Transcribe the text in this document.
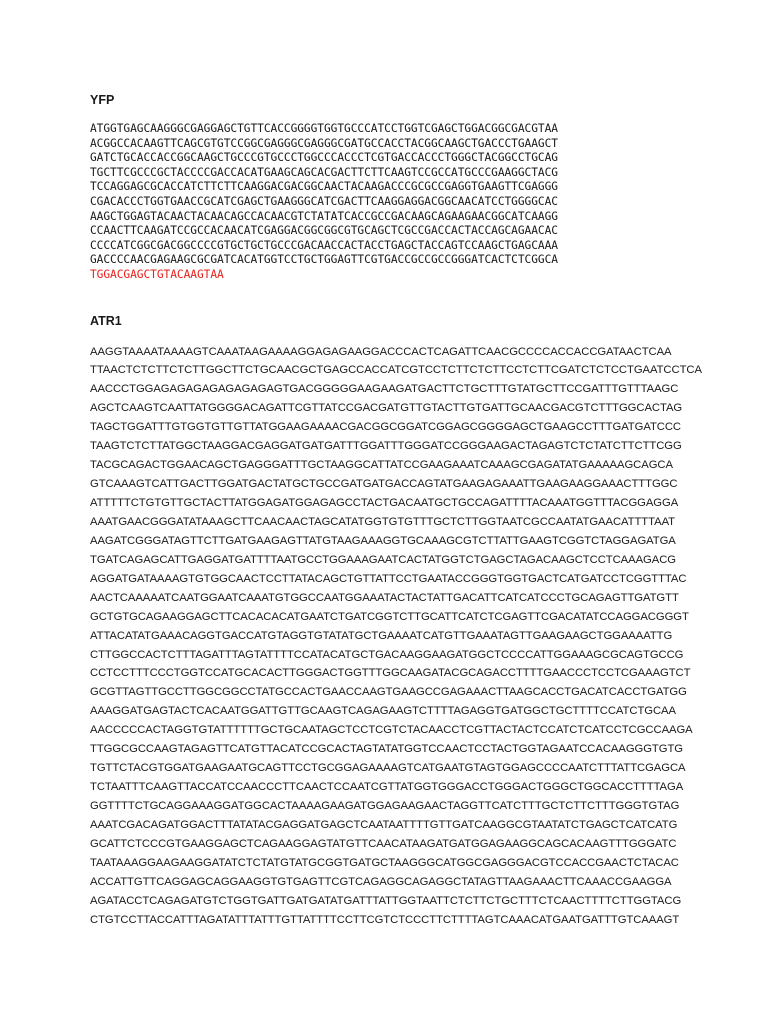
YFP
ATGGTGAGCAAGGGCGAGGAGCTGTTCACCGGGGTGGTGCCCATCCTGGTCGAGCTGGACGGCGACGTAA
ACGGCCACAAGTTCAGCGTGTCCGGCGAGGGCGAGGGCGATGCCACCTACGGCAAGCTGACCCTGAAGCT
GATCTGCACCACCGGCAAGCTGCCCGTGCCCTGGCCCACCCTCGTGACCACCCTGGGCTACGGCCTGCAG
TGCTTCGCCCGCTACCCCGACCACATGAAGCAGCACGACTTCTTCAAGTCCGCCATGCCCGAAGGCTACG
TCCAGGAGCGCACCATCTTCTTCAAGGACGACGGCAACTACAAGACCCGCGCCGAGGTGAAGTTCGAGGG
CGACACCCTGGTGAACCGCATCGAGCTGAAGGGCATCGACTTCAAGGAGGACGGCAACATCCTGGGGCAC
AAGCTGGAGTACAACTACAACAGCCACAACGTCTATATCACCGCCGACAAGCAGAAGAACGGCATCAAGG
CCAACTTCAAGATCCGCCACAACATCGAGGACGGCGGCGTGCAGCTCGCCGACCACTACCAGCAGAACAC
CCCCATCGGCGACGGCCCCGTGCTGCTGCCCGACAACCACTACCTGAGCTACCAGTCCAAGCTGAGCAAA
GACCCCAACGAGAAGCGCGATCACATGGTCCTGCTGGAGTTCGTGACCGCCGCCGGGATCACTCTCGGCA
TGGACGAGCTGTACAAGTAA
ATR1
AAGGTAAAATAAAAGTCAAATAAGAAAAGGAGAGAAGGACCCACTCAGATTCAACGCCCCACCACCGATAACTCAA
TTAACTCTCTTCTCTTGGCTTCTGCAACGCTGAGCCACCATCGTCCTCTTCTCTTCCTCTTCGATCTCTCCTGAATCCTCA
AACCCTGGAGAGAGAGAGAGAGAGTGACGGGGGAAGAAGATGACTTCTGCTTTGTATGCTTCCGATTTGTTTAAGC
AGCTCAAGTCAATTATGGGGACAGATTCGTTATCCGACGATGTTGTACTTGTGATTGCAACGACGTCTTTGGCACTAG
TAGCTGGATTTGTGGTGTTGTTATGGAAGAAAACGACGGCGGATCGGAGCGGGGAGCTGAAGCCTTTGATGATCCC
TAAGTCTCTTATGGCTAAGGACGAGGATGATGATTTGGATTTGGGATCCGGGAAGACTAGAGTCTCTATCTTCTTCGG
TACGCAGACTGGAACAGCTGAGGGATTTGCTAAGGCATTATCCGAAGAAATCAAAGCGAGATATGAAAAAGCAGCA
GTCAAAGTCATTGACTTGGATGACTATGCTGCCGATGATGACCAGTATGAAGAGAAATTGAAGAAGGAAACTTTGGC
ATTTTTCTGTGTTGCTACTTATGGAGATGGAGAGCCTACTGACAATGCTGCCAGATTTTACAAATGGTTTACGGAGGA
AAATGAACGGGATATAAAGCTTCAACAACTAGCATATGGTGTGTTTGCTCTTGGTAATCGCCAATATGAACATTTTAAT
AAGATCGGGATAGTTCTTGATGAAGAGTTATGTAAGAAAGGTGCAAAGCGTCTTATTGAAGTCGGTCTAGGAGATGA
TGATCAGAGCATTGAGGATGATTTTAATGCCTGGAAAGAATCACTATGGTCTGAGCTAGACAAGCTCCTCAAAGACG
AGGATGATAAAAGTGTGGCAACTCCTTATACAGCTGTTATTCCTGAATACCGGGTGGTGACTCATGATCCTCGGTTTAC
AACTCAAAAATCAATGGAATCAAATGTGGCCAATGGAAATACTACTATTGACATTCATCATCCCTGCAGAGTTGATGTT
GCTGTGCAGAAGGAGCTTCACACACATGAATCTGATCGGTCTTGCATTCATCTCGAGTTCGACATATCCAGGACGGGT
ATTACATATGAAACAGGTGACCATGTAGGTGTATATGCTGAAAATCATGTTGAAATAGTTGAAGAAGCTGGAAAATTG
CTTGGCCACTCTTTAGATTTAGTATTTTCCATACATGCTGACAAGGAAGATGGCTCCCCATTGGAAAGCGCAGTGCCG
CCTCCTTTCCCTGGTCCATGCACACTTGGGACTGGTTTGGCAAGATACGCAGACCTTTTGAACCCTCCTCGAAAGTCT
GCGTTAGTTGCCTTGGCGGCCTATGCCACTGAACCAAGTGAAGCCGAGAAACTTAAGCACCTGACATCACCTGATGG
AAAGGATGAGTACTCACAATGGATTGTTGCAAGTCAGAGAAGTCTTTTAGAGGTGATGGCTGCTTTTCCATCTGCAA
AACCCCCACTAGGTGTATTTTTTGCTGCAATAGCTCCTCGTCTACAACCTCGTTACTACTCCATCTCATCCTCGCCAAGA
TTGGCGCCAAGTAGAGTTCATGTTACATCCGCACTAGTATATGGTCCAACTCCTACTGGTAGAATCCACAAGGGTGTG
TGTTCTACGTGGATGAAGAATGCAGTTCCTGCGGAGAAAAGTCATGAATGTAGTGGAGCCCCAATCTTTATTCGAGCA
TCTAATTTCAAGTTACCATCCAACCCTTCAACTCCAATCGTTATGGTGGGACCTGGGACTGGGCTGGCACCTTTTAGA
GGTTTTCTGCAGGAAAGGATGGCACTAAAAGAAGATGGAGAAGAACTAGGTTCATCTTTGCTCTTCTTTGGGTGTAG
AAATCGACAGATGGACTTTATATACGAGGATGAGCTCAATAATTTTGTTGATCAAGGCGTAATATCTGAGCTCATCATG
GCATTCTCCCGTGAAGGAGCTCAGAAGGAGTATGTTCAACATAAGATGATGGAGAAGGCAGCACAAGTTTGGGATC
TAATAAAGGAAGAAGGATATCTCTATGTATGCGGTGATGCTAAGGGCATGGCGAGGGACGTCCACCGAACTCTACAC
ACCATTGTTCAGGAGCAGGAAGGTGTGAGTTCGTCAGAGGCAGAGGCTATAGTTAAGAAACTTCAAACCGAAGGA
AGATACCTCAGAGATGTCTGGTGATTGATGATATGATTTATTGGTAATTCTCTTCTGCTTTCTCAACTTTTCTTGGTACG
CTGTCCTTACCATTTAGATATTTATTTGTTATTTTCCTTCGTCTCCCTTCTTTTAGTCAAACATGAATGATTTGTCAAAGT
